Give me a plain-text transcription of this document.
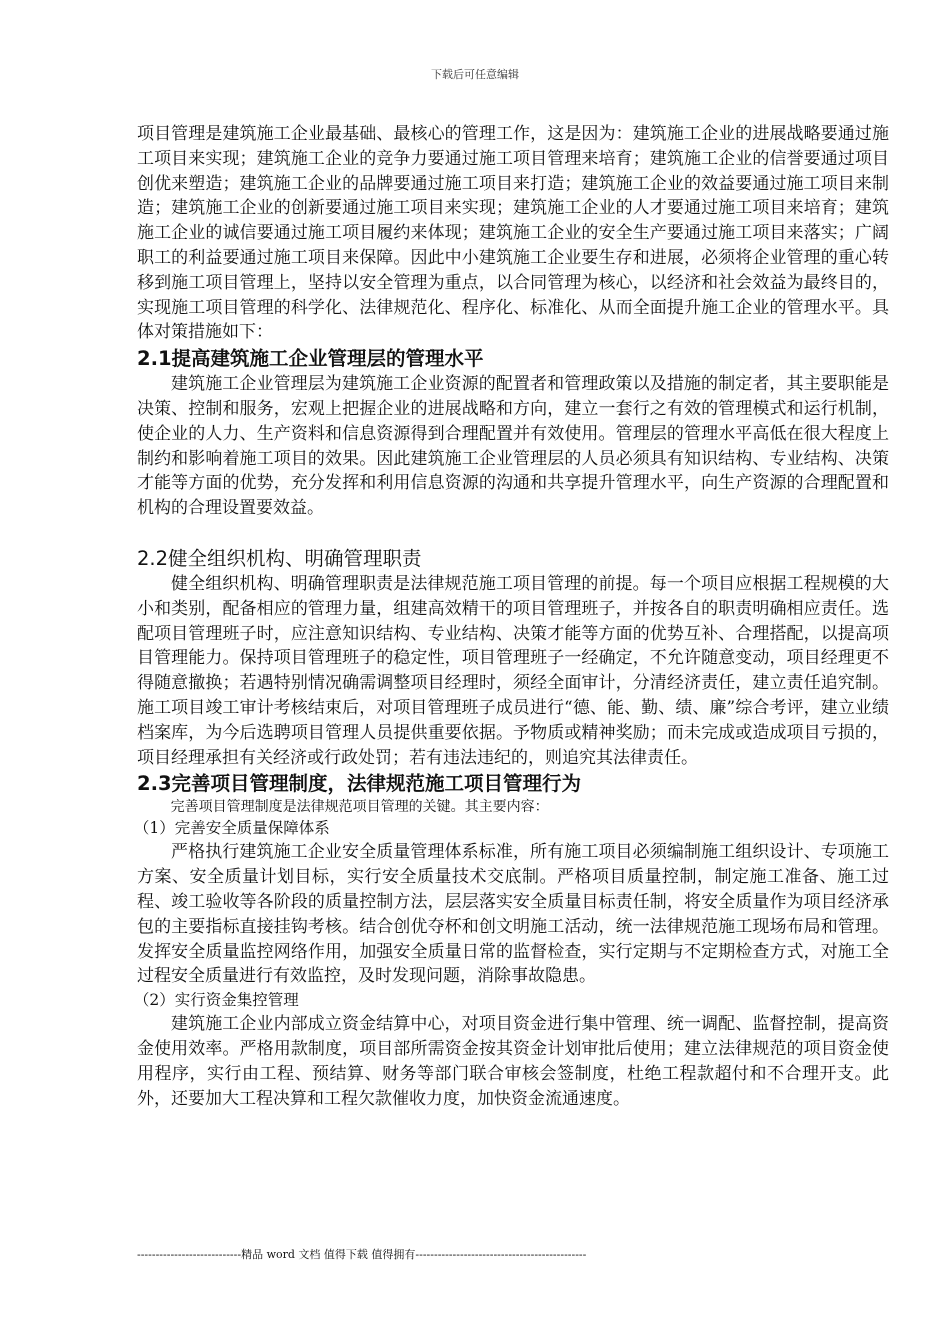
下载后可任意编辑

项目管理是建筑施工企业最基础、最核心的管理工作，这是因为：建筑施工企业的进展战略要通过施工项目来实现；建筑施工企业的竞争力要通过施工项目管理来培育；建筑施工企业的信誉要通过项目创优来塑造；建筑施工企业的品牌要通过施工项目来打造；建筑施工企业的效益要通过施工项目来制造；建筑施工企业的创新要通过施工项目来实现；建筑施工企业的人才要通过施工项目来培育；建筑施工企业的诚信要通过施工项目履约来体现；建筑施工企业的安全生产要通过施工项目来落实；广阔职工的利益要通过施工项目来保障。因此中小建筑施工企业要生存和进展，必须将企业管理的重心转移到施工项目管理上，坚持以安全管理为重点，以合同管理为核心，以经济和社会效益为最终目的，实现施工项目管理的科学化、法律规范化、程序化、标准化、从而全面提升施工企业的管理水平。具体对策措施如下：

2.1提高建筑施工企业管理层的管理水平

建筑施工企业管理层为建筑施工企业资源的配置者和管理政策以及措施的制定者，其主要职能是决策、控制和服务，宏观上把握企业的进展战略和方向，建立一套行之有效的管理模式和运行机制，使企业的人力、生产资料和信息资源得到合理配置并有效使用。管理层的管理水平高低在很大程度上制约和影响着施工项目的效果。因此建筑施工企业管理层的人员必须具有知识结构、专业结构、决策才能等方面的优势，充分发挥和利用信息资源的沟通和共享提升管理水平，向生产资源的合理配置和机构的合理设置要效益。

2.2健全组织机构、明确管理职责

健全组织机构、明确管理职责是法律规范施工项目管理的前提。每一个项目应根据工程规模的大小和类别，配备相应的管理力量，组建高效精干的项目管理班子，并按各自的职责明确相应责任。选配项目管理班子时，应注意知识结构、专业结构、决策才能等方面的优势互补、合理搭配，以提高项目管理能力。保持项目管理班子的稳定性，项目管理班子一经确定，不允许随意变动，项目经理更不得随意撤换；若遇特别情况确需调整项目经理时，须经全面审计，分清经济责任，建立责任追究制。施工项目竣工审计考核结束后，对项目管理班子成员进行“德、能、勤、绩、廉”综合考评，建立业绩档案库，为今后选聘项目管理人员提供重要依据。予物质或精神奖励；而未完成或造成项目亏损的，项目经理承担有关经济或行政处罚；若有违法违纪的，则追究其法律责任。

2.3完善项目管理制度，法律规范施工项目管理行为

完善项目管理制度是法律规范项目管理的关键。其主要内容：

（1）完善安全质量保障体系

严格执行建筑施工企业安全质量管理体系标准，所有施工项目必须编制施工组织设计、专项施工方案、安全质量计划目标，实行安全质量技术交底制。严格项目质量控制，制定施工准备、施工过程、竣工验收等各阶段的质量控制方法，层层落实安全质量目标责任制，将安全质量作为项目经济承包的主要指标直接挂钩考核。结合创优夺杯和创文明施工活动，统一法律规范施工现场布局和管理。发挥安全质量监控网络作用，加强安全质量日常的监督检查，实行定期与不定期检查方式，对施工全过程安全质量进行有效监控，及时发现问题，消除事故隐患。

（2）实行资金集控管理

建筑施工企业内部成立资金结算中心，对项目资金进行集中管理、统一调配、监督控制，提高资金使用效率。严格用款制度，项目部所需资金按其资金计划审批后使用；建立法律规范的项目资金使用程序，实行由工程、预结算、财务等部门联合审核会签制度，杜绝工程款超付和不合理开支。此外，还要加大工程决算和工程欠款催收力度，加快资金流通速度。

----------------------------精品 word 文档 值得下载 值得拥有----------------------------------------------
